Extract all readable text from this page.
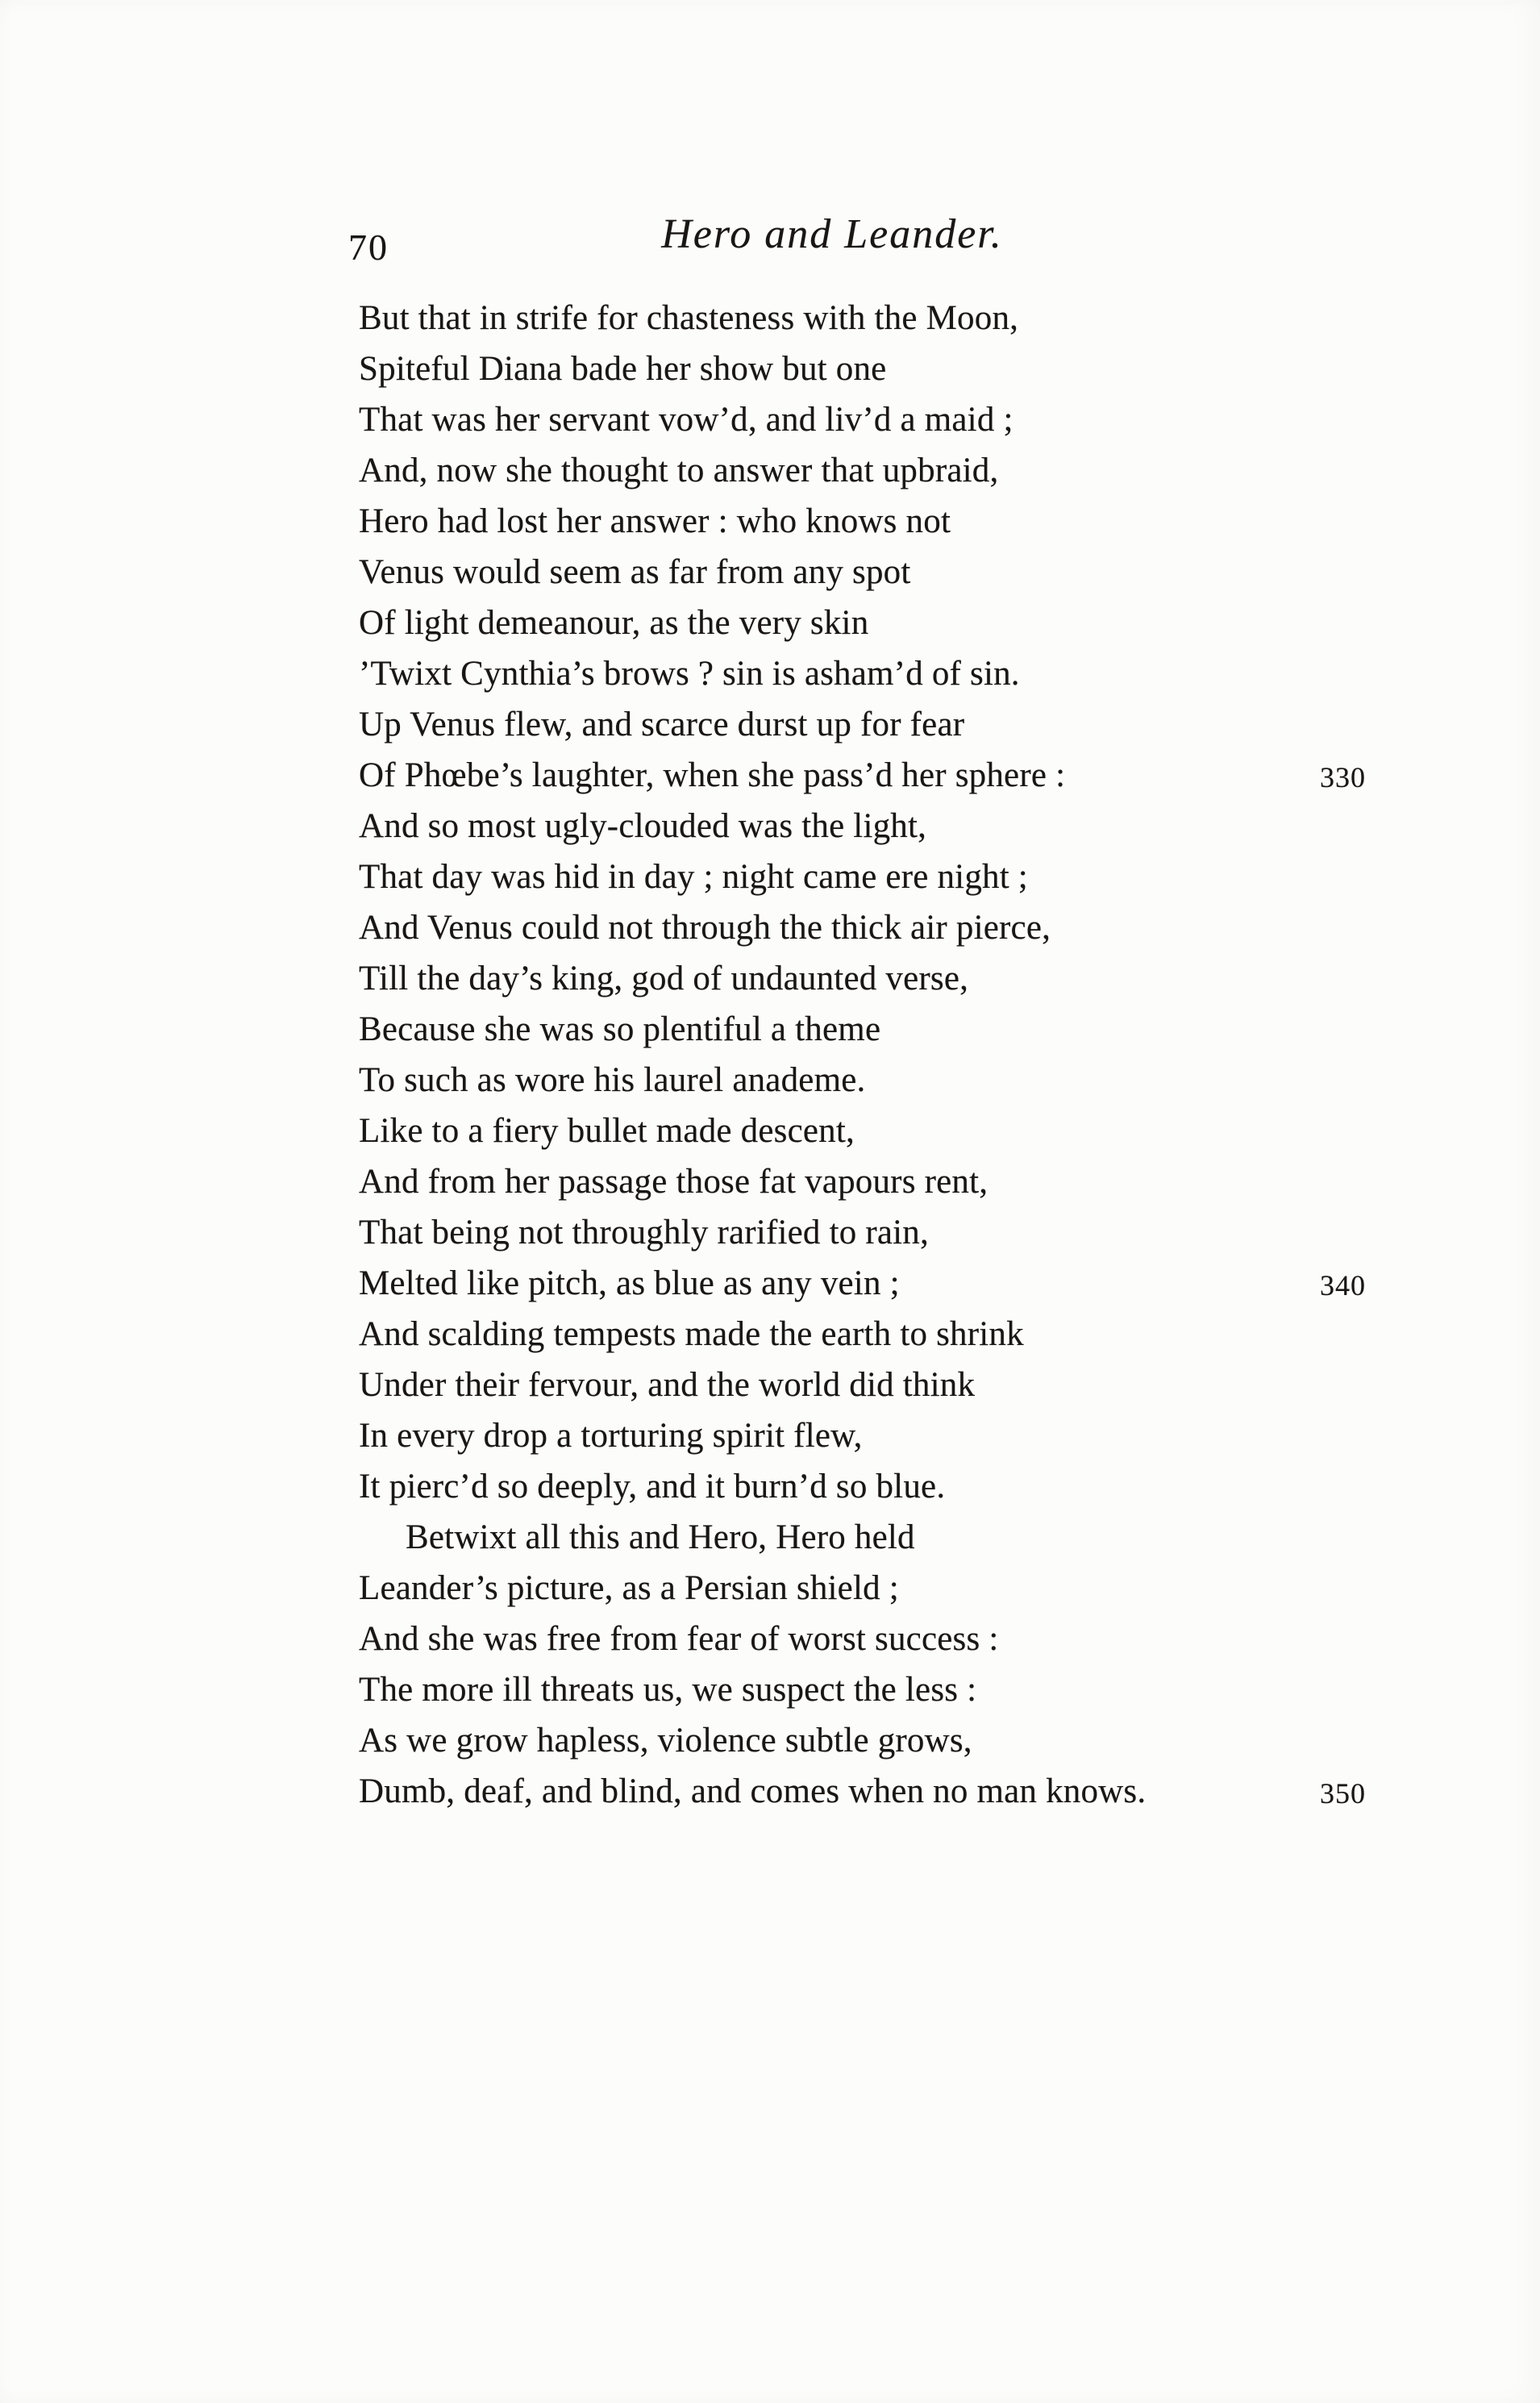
70	Hero and Leander.
But that in strife for chasteness with the Moon,
Spiteful Diana bade her show but one
That was her servant vow’d, and liv’d a maid ;
And, now she thought to answer that upbraid,
Hero had lost her answer : who knows not
Venus would seem as far from any spot
Of light demeanour, as the very skin
’Twixt Cynthia’s brows ? sin is asham’d of sin.
Up Venus flew, and scarce durst up for fear
Of Phœbe’s laughter, when she pass’d her sphere :	330
And so most ugly-clouded was the light,
That day was hid in day ; night came ere night ;
And Venus could not through the thick air pierce,
Till the day’s king, god of undaunted verse,
Because she was so plentiful a theme
To such as wore his laurel anademe.
Like to a fiery bullet made descent,
And from her passage those fat vapours rent,
That being not throughly rarified to rain,
Melted like pitch, as blue as any vein ;	340
And scalding tempests made the earth to shrink
Under their fervour, and the world did think
In every drop a torturing spirit flew,
It pierc’d so deeply, and it burn’d so blue.
Betwixt all this and Hero, Hero held
Leander’s picture, as a Persian shield ;
And she was free from fear of worst success :
The more ill threats us, we suspect the less :
As we grow hapless, violence subtle grows,
Dumb, deaf, and blind, and comes when no man knows.	350
